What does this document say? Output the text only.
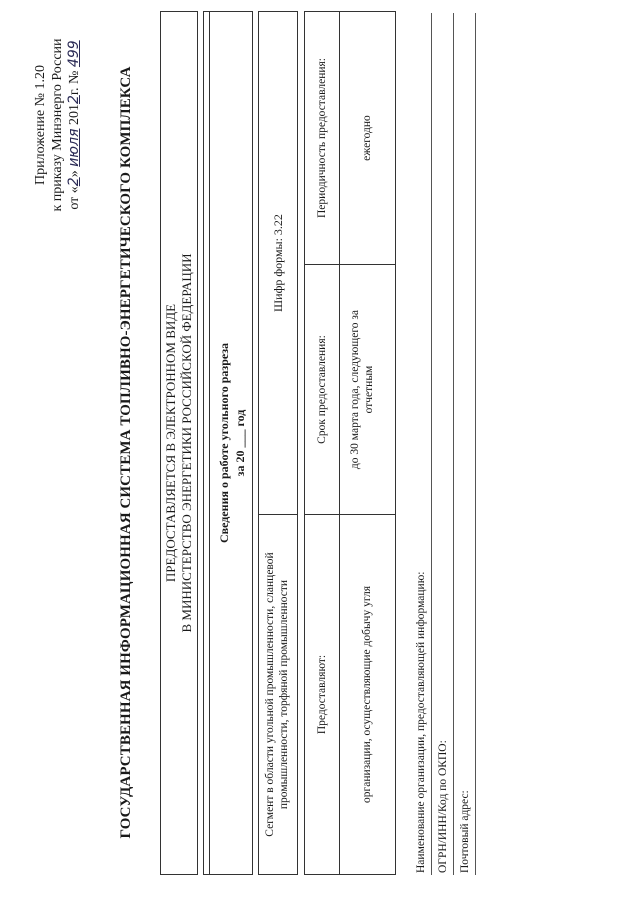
Приложение № 1.20 к приказу Минэнерго России от «2» июля 2012г. № 499
ГОСУДАРСТВЕННАЯ ИНФОРМАЦИОННАЯ СИСТЕМА ТОПЛИВНО-ЭНЕРГЕТИЧЕСКОГО КОМПЛЕКСА ПРЕДОСТАВЛЯЕТСЯ В ЭЛЕКТРОННОМ ВИДЕ В МИНИСТЕРСТВО ЭНЕРГЕТИКИ РОССИЙСКОЙ ФЕДЕРАЦИИ Сведения о работе угольного разреза за 20 ___ год
Сегмент в области угольной промышленности, сланцевой промышленности, торфяной промышленности
Шифр формы: 3.22
Предоставляют:
Срок предоставления:
Периодичность предоставления:
организации, осуществляющие добычу угля
до 30 марта года, следующего за отчетным
ежегодно
Наименование организации, предоставляющей информацию: ОГРН/ИНН/Код по ОКПО: Почтовый адрес:
